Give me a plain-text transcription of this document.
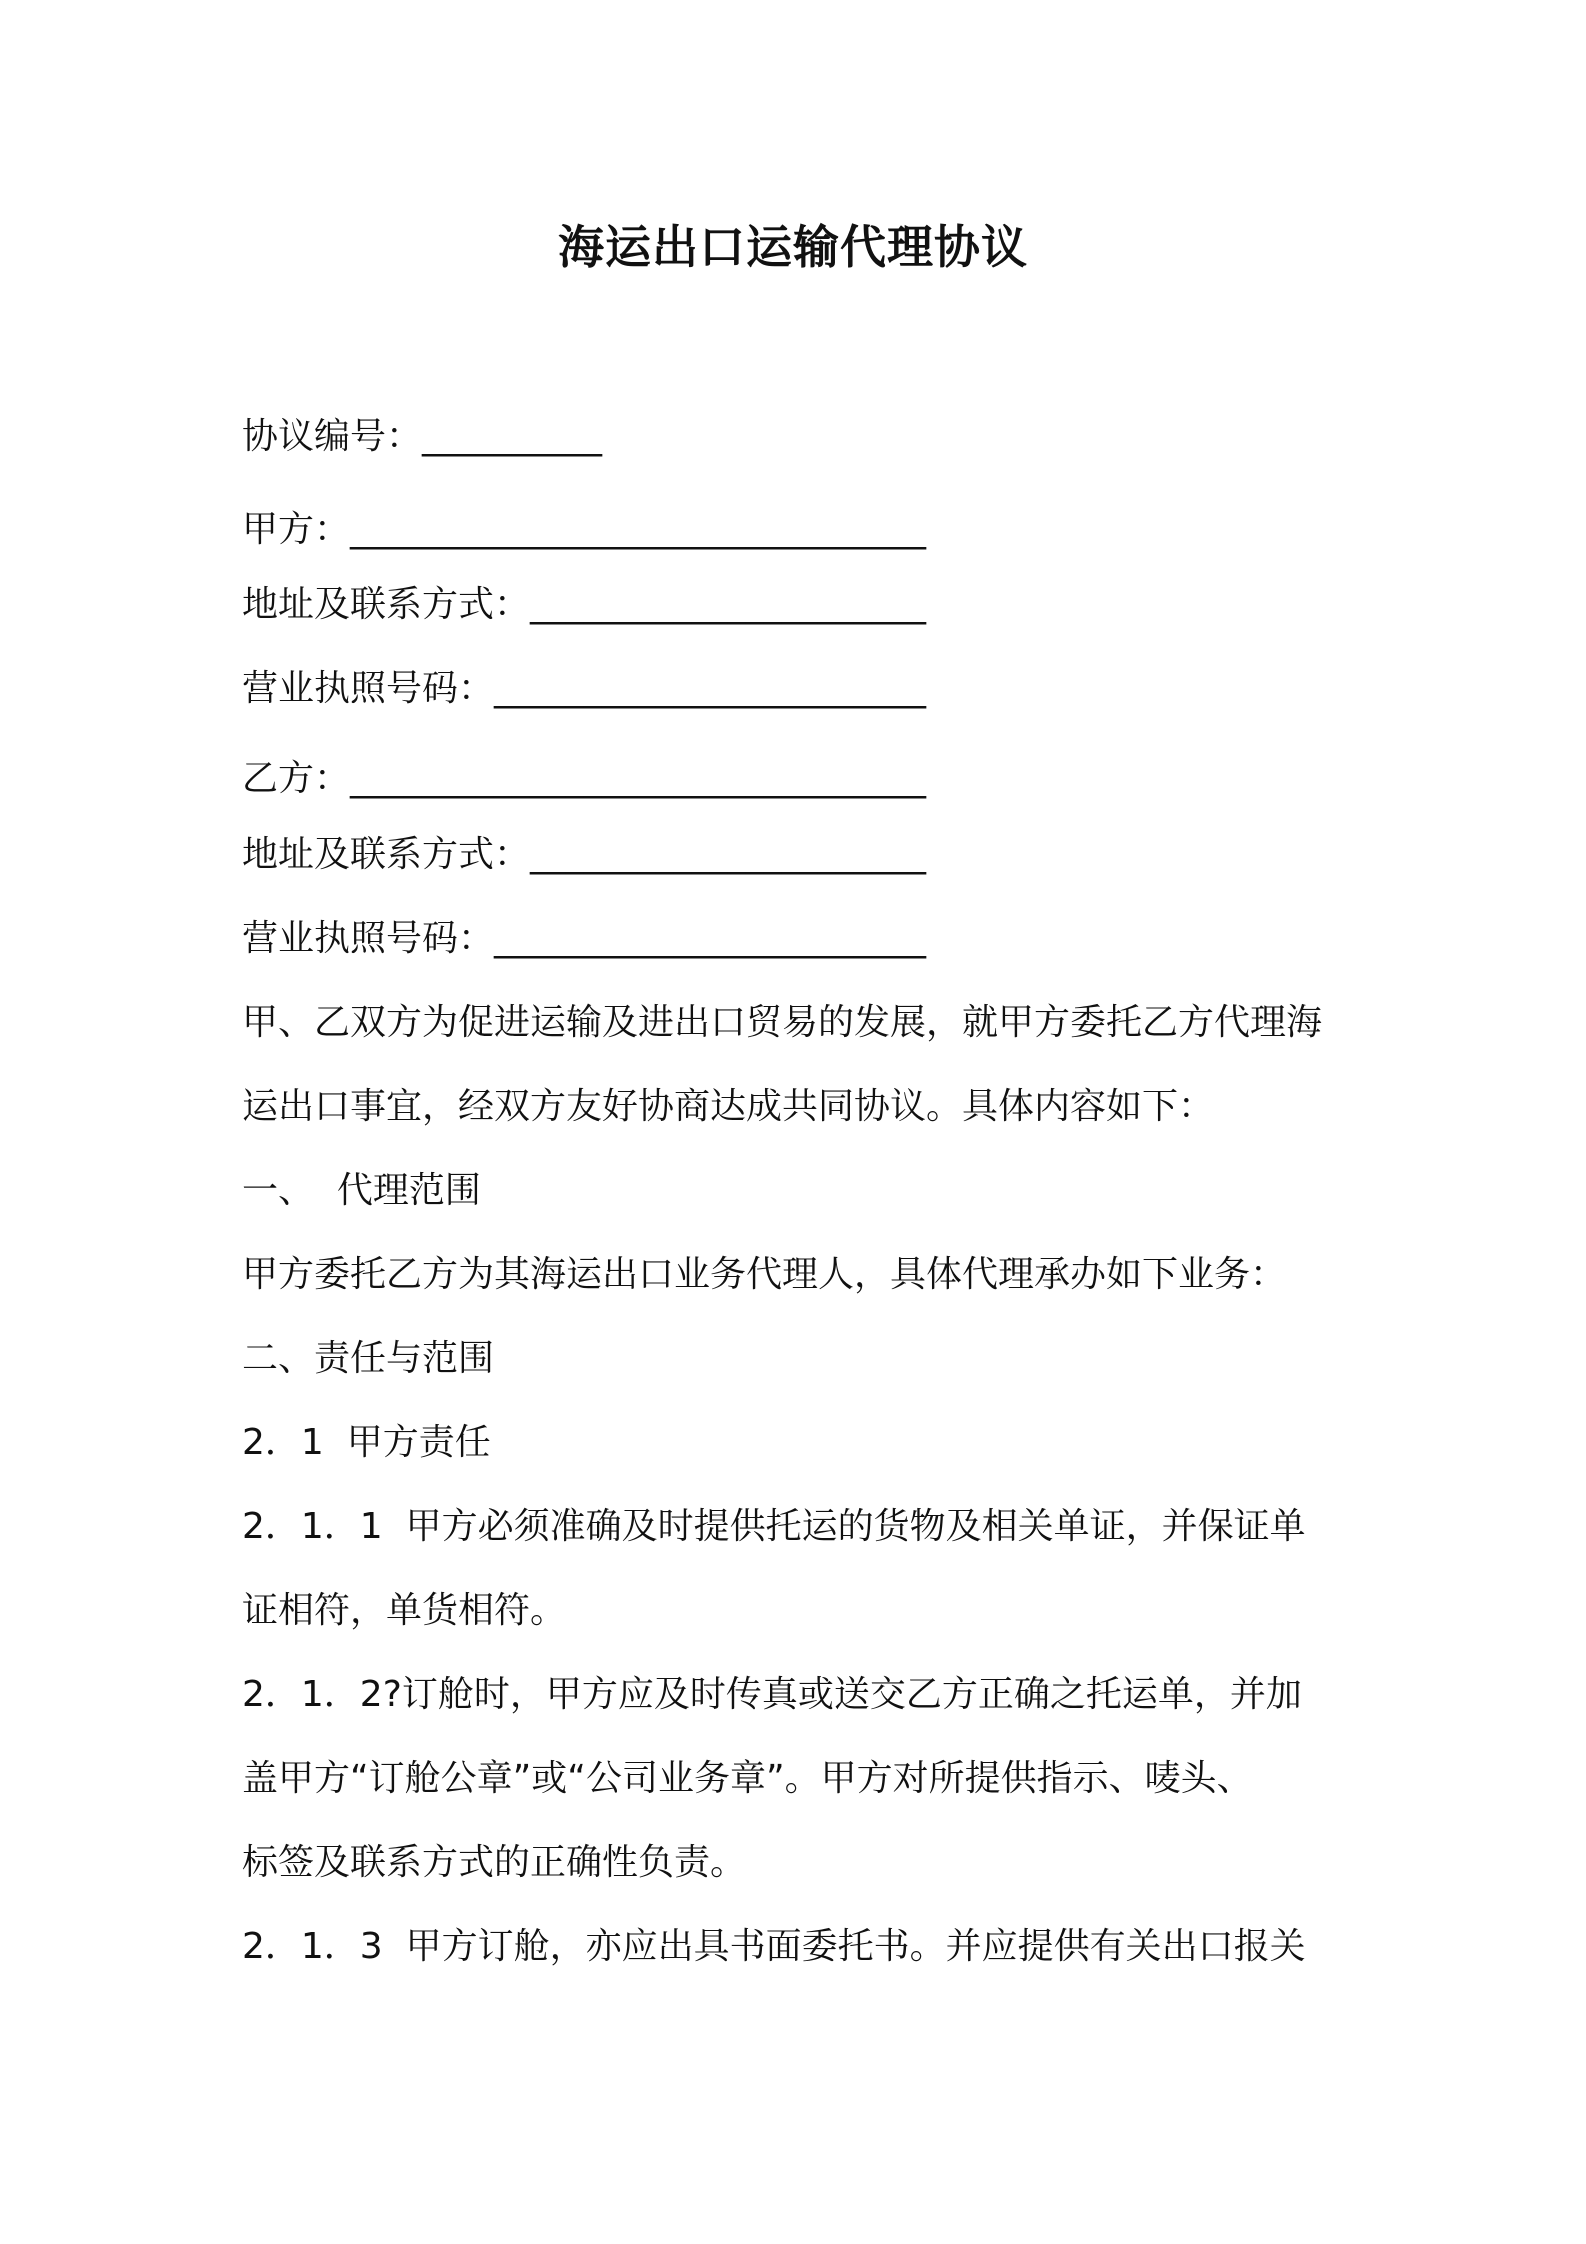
海运出口运输代理协议
协议编号：__________
甲方：________________________________
地址及联系方式：______________________
营业执照号码：________________________
乙方：________________________________
地址及联系方式：______________________
营业执照号码：________________________
甲、乙双方为促进运输及进出口贸易的发展，就甲方委托乙方代理海
运出口事宜，经双方友好协商达成共同协议。具体内容如下：
一、  代理范围
甲方委托乙方为其海运出口业务代理人，具体代理承办如下业务：
二、责任与范围
2．1  甲方责任
2．1．1  甲方必须准确及时提供托运的货物及相关单证，并保证单
证相符，单货相符。
2．1．2?订舱时，甲方应及时传真或送交乙方正确之托运单，并加
盖甲方“订舱公章”或“公司业务章”。甲方对所提供指示、唛头、
标签及联系方式的正确性负责。
2．1．3  甲方订舱，亦应出具书面委托书。并应提供有关出口报关
